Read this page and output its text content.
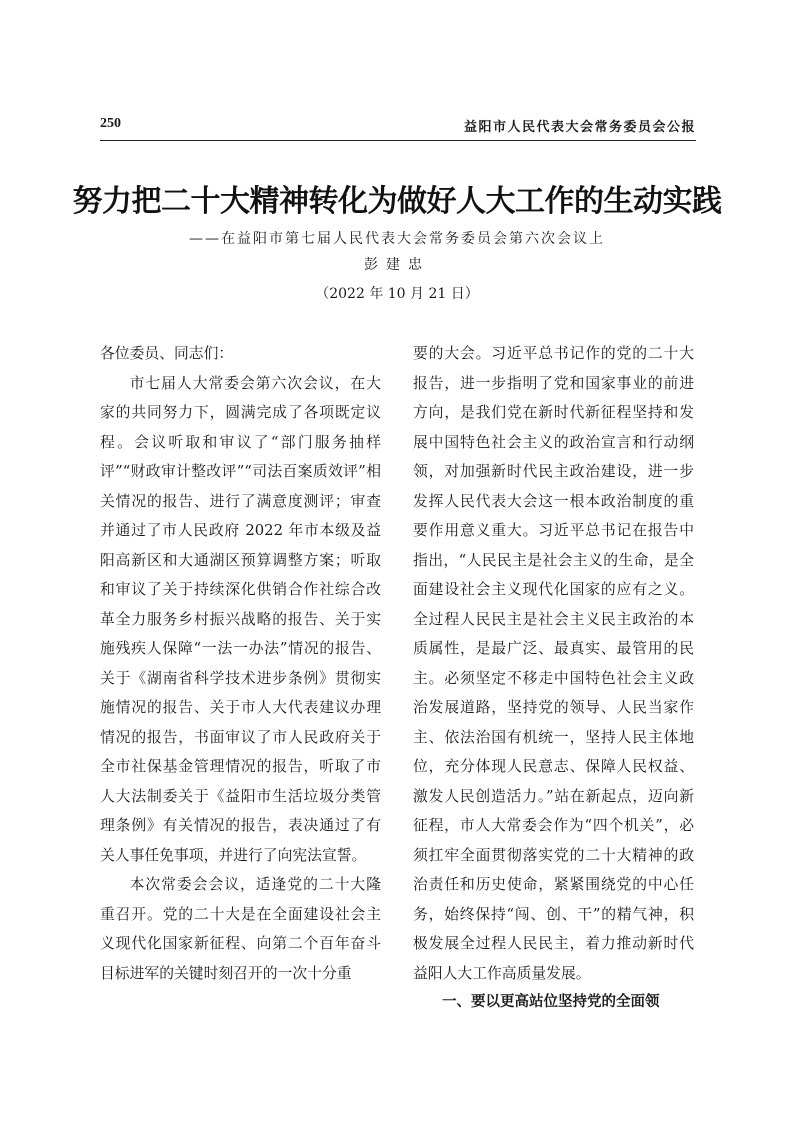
250	益阳市人民代表大会常务委员会公报
努力把二十大精神转化为做好人大工作的生动实践
——在益阳市第七届人民代表大会常务委员会第六次会议上
彭建忠
（2022 年 10 月 21 日）

各位委员、同志们：

市七届人大常委会第六次会议，在大家的共同努力下，圆满完成了各项既定议程。会议听取和审议了“部门服务抽样评”“财政审计整改评”“司法百案质效评”相关情况的报告、进行了满意度测评；审查并通过了市人民政府 2022 年市本级及益阳高新区和大通湖区预算调整方案；听取和审议了关于持续深化供销合作社综合改革全力服务乡村振兴战略的报告、关于实施残疾人保障“一法一办法”情况的报告、关于《湖南省科学技术进步条例》贯彻实施情况的报告、关于市人大代表建议办理情况的报告，书面审议了市人民政府关于全市社保基金管理情况的报告，听取了市人大法制委关于《益阳市生活垃圾分类管理条例》有关情况的报告，表决通过了有关人事任免事项，并进行了向宪法宣誓。

本次常委会会议，适逢党的二十大隆重召开。党的二十大是在全面建设社会主义现代化国家新征程、向第二个百年奋斗目标进军的关键时刻召开的一次十分重

要的大会。习近平总书记作的党的二十大报告，进一步指明了党和国家事业的前进方向，是我们党在新时代新征程坚持和发展中国特色社会主义的政治宣言和行动纲领，对加强新时代民主政治建设，进一步发挥人民代表大会这一根本政治制度的重要作用意义重大。习近平总书记在报告中指出，“人民民主是社会主义的生命，是全面建设社会主义现代化国家的应有之义。全过程人民民主是社会主义民主政治的本质属性，是最广泛、最真实、最管用的民主。必须坚定不移走中国特色社会主义政治发展道路，坚持党的领导、人民当家作主、依法治国有机统一，坚持人民主体地位，充分体现人民意志、保障人民权益、激发人民创造活力。”站在新起点，迈向新征程，市人大常委会作为“四个机关”，必须扛牢全面贯彻落实党的二十大精神的政治责任和历史使命，紧紧围绕党的中心任务，始终保持“闯、创、干”的精气神，积极发展全过程人民民主，着力推动新时代益阳人大工作高质量发展。

一、要以更高站位坚持党的全面领
